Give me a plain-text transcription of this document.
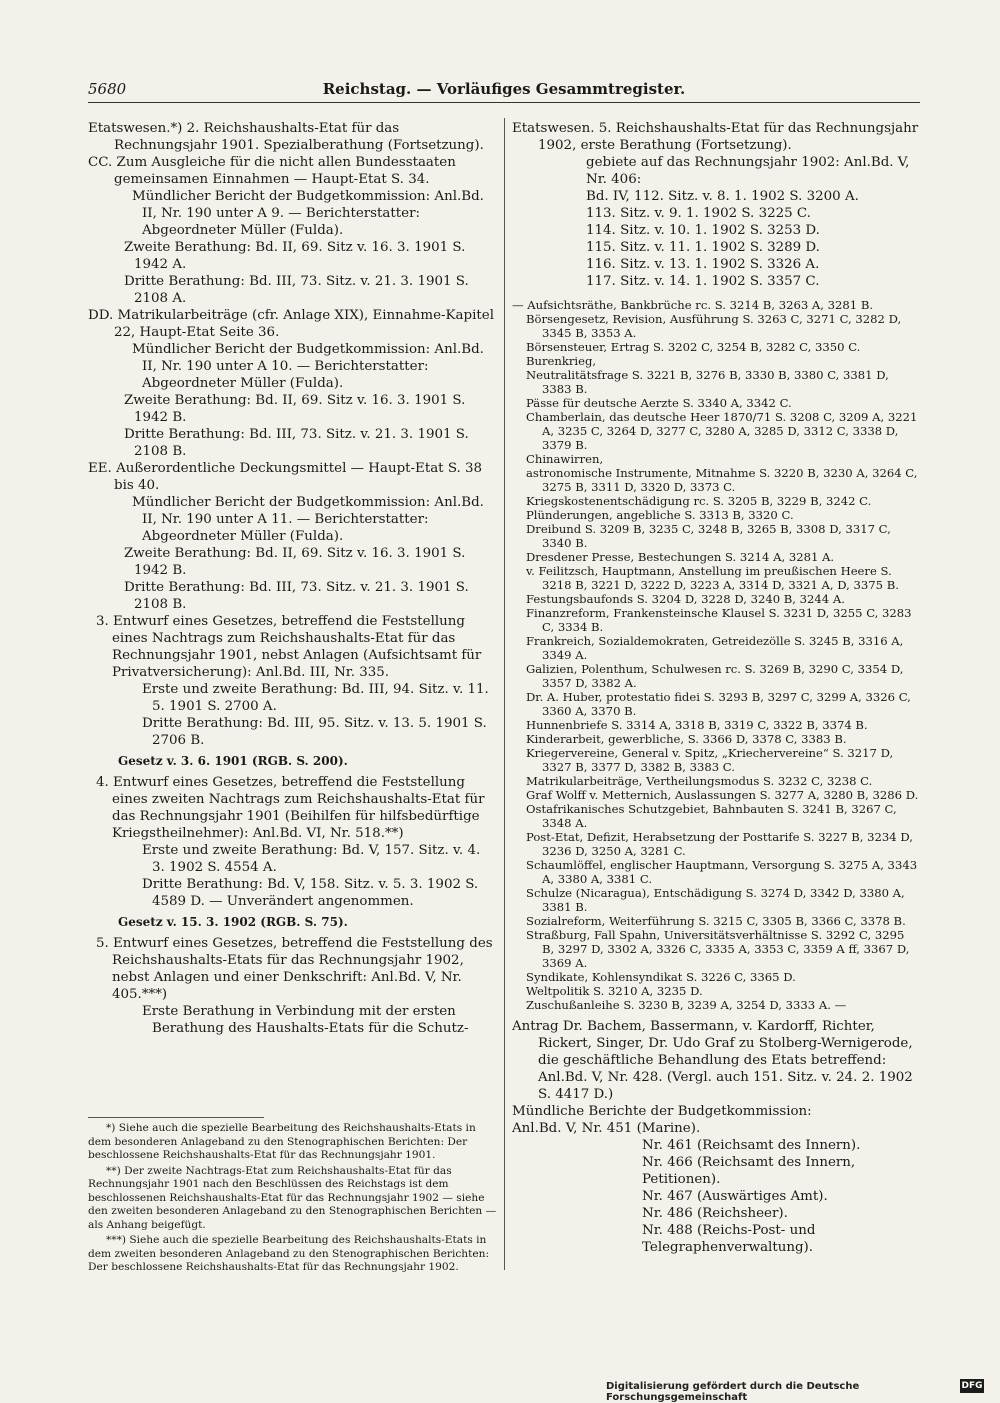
5680	Reichstag. — Vorläufiges Gesammtregister.

Etatswesen.*) 2. Reichshaushalts-Etat für das Rechnungsjahr 1901. Spezialberathung (Fortsetzung).

CC. Zum Ausgleiche für die nicht allen Bundesstaaten gemeinsamen Einnahmen — Haupt-Etat S. 34.

Mündlicher Bericht der Budgetkommission: Anl.Bd. II, Nr. 190 unter A 9. — Berichterstatter: Abgeordneter Müller (Fulda).

Zweite Berathung: Bd. II, 69. Sitz v. 16. 3. 1901 S. 1942 A.

Dritte Berathung: Bd. III, 73. Sitz. v. 21. 3. 1901 S. 2108 A.

DD. Matrikularbeiträge (cfr. Anlage XIX), Einnahme-Kapitel 22, Haupt-Etat Seite 36.

Mündlicher Bericht der Budgetkommission: Anl.Bd. II, Nr. 190 unter A 10. — Berichterstatter: Abgeordneter Müller (Fulda).

Zweite Berathung: Bd. II, 69. Sitz v. 16. 3. 1901 S. 1942 B.

Dritte Berathung: Bd. III, 73. Sitz. v. 21. 3. 1901 S. 2108 B.

EE. Außerordentliche Deckungsmittel — Haupt-Etat S. 38 bis 40.

Mündlicher Bericht der Budgetkommission: Anl.Bd. II, Nr. 190 unter A 11. — Berichterstatter: Abgeordneter Müller (Fulda).

Zweite Berathung: Bd. II, 69. Sitz v. 16. 3. 1901 S. 1942 B.

Dritte Berathung: Bd. III, 73. Sitz. v. 21. 3. 1901 S. 2108 B.

3. Entwurf eines Gesetzes, betreffend die Feststellung eines Nachtrags zum Reichshaushalts-Etat für das Rechnungsjahr 1901, nebst Anlagen (Aufsichtsamt für Privatversicherung): Anl.Bd. III, Nr. 335.

Erste und zweite Berathung: Bd. III, 94. Sitz. v. 11. 5. 1901 S. 2700 A.

Dritte Berathung: Bd. III, 95. Sitz. v. 13. 5. 1901 S. 2706 B.

Gesetz v. 3. 6. 1901 (RGB. S. 200).

4. Entwurf eines Gesetzes, betreffend die Feststellung eines zweiten Nachtrags zum Reichshaushalts-Etat für das Rechnungsjahr 1901 (Beihilfen für hilfsbedürftige Kriegstheilnehmer): Anl.Bd. VI, Nr. 518.**)

Erste und zweite Berathung: Bd. V, 157. Sitz. v. 4. 3. 1902 S. 4554 A.

Dritte Berathung: Bd. V, 158. Sitz. v. 5. 3. 1902 S. 4589 D. — Unverändert angenommen.

Gesetz v. 15. 3. 1902 (RGB. S. 75).

5. Entwurf eines Gesetzes, betreffend die Feststellung des Reichshaushalts-Etats für das Rechnungsjahr 1902, nebst Anlagen und einer Denkschrift: Anl.Bd. V, Nr. 405.***)

Erste Berathung in Verbindung mit der ersten Berathung des Haushalts-Etats für die Schutz-

*) Siehe auch die spezielle Bearbeitung des Reichshaushalts-Etats in dem besonderen Anlageband zu den Stenographischen Berichten: Der beschlossene Reichshaushalts-Etat für das Rechnungsjahr 1901.

**) Der zweite Nachtrags-Etat zum Reichshaushalts-Etat für das Rechnungsjahr 1901 nach den Beschlüssen des Reichstags ist dem beschlossenen Reichshaushalts-Etat für das Rechnungsjahr 1902 — siehe den zweiten besonderen Anlageband zu den Stenographischen Berichten — als Anhang beigefügt.

***) Siehe auch die spezielle Bearbeitung des Reichshaushalts-Etats in dem zweiten besonderen Anlageband zu den Stenographischen Berichten: Der beschlossene Reichshaushalts-Etat für das Rechnungsjahr 1902.

Etatswesen. 5. Reichshaushalts-Etat für das Rechnungsjahr 1902, erste Berathung (Fortsetzung).

gebiete auf das Rechnungsjahr 1902: Anl.Bd. V, Nr. 406:

Bd. IV, 112. Sitz. v. 8. 1. 1902 S. 3200 A.

113. Sitz. v. 9. 1. 1902 S. 3225 C.

114. Sitz. v. 10. 1. 1902 S. 3253 D.

115. Sitz. v. 11. 1. 1902 S. 3289 D.

116. Sitz. v. 13. 1. 1902 S. 3326 A.

117. Sitz. v. 14. 1. 1902 S. 3357 C.

— Aufsichtsräthe, Bankbrüche rc. S. 3214 B, 3263 A, 3281 B.

Börsengesetz, Revision, Ausführung S. 3263 C, 3271 C, 3282 D, 3345 B, 3353 A.

Börsensteuer, Ertrag S. 3202 C, 3254 B, 3282 C, 3350 C.

Burenkrieg,

Neutralitätsfrage S. 3221 B, 3276 B, 3330 B, 3380 C, 3381 D, 3383 B.

Pässe für deutsche Aerzte S. 3340 A, 3342 C.

Chamberlain, das deutsche Heer 1870/71 S. 3208 C, 3209 A, 3221 A, 3235 C, 3264 D, 3277 C, 3280 A, 3285 D, 3312 C, 3338 D, 3379 B.

Chinawirren,

astronomische Instrumente, Mitnahme S. 3220 B, 3230 A, 3264 C, 3275 B, 3311 D, 3320 D, 3373 C.

Kriegskostenentschädigung rc. S. 3205 B, 3229 B, 3242 C.

Plünderungen, angebliche S. 3313 B, 3320 C.

Dreibund S. 3209 B, 3235 C, 3248 B, 3265 B, 3308 D, 3317 C, 3340 B.

Dresdener Presse, Bestechungen S. 3214 A, 3281 A.

v. Feilitzsch, Hauptmann, Anstellung im preußischen Heere S. 3218 B, 3221 D, 3222 D, 3223 A, 3314 D, 3321 A, D, 3375 B.

Festungsbaufonds S. 3204 D, 3228 D, 3240 B, 3244 A.

Finanzreform, Frankensteinsche Klausel S. 3231 D, 3255 C, 3283 C, 3334 B.

Frankreich, Sozialdemokraten, Getreidezölle S. 3245 B, 3316 A, 3349 A.

Galizien, Polenthum, Schulwesen rc. S. 3269 B, 3290 C, 3354 D, 3357 D, 3382 A.

Dr. A. Huber, protestatio fidei S. 3293 B, 3297 C, 3299 A, 3326 C, 3360 A, 3370 B.

Hunnenbriefe S. 3314 A, 3318 B, 3319 C, 3322 B, 3374 B.

Kinderarbeit, gewerbliche, S. 3366 D, 3378 C, 3383 B.

Kriegervereine, General v. Spitz, „Kriechervereine“ S. 3217 D, 3327 B, 3377 D, 3382 B, 3383 C.

Matrikularbeiträge, Vertheilungsmodus S. 3232 C, 3238 C.

Graf Wolff v. Metternich, Auslassungen S. 3277 A, 3280 B, 3286 D.

Ostafrikanisches Schutzgebiet, Bahnbauten S. 3241 B, 3267 C, 3348 A.

Post-Etat, Defizit, Herabsetzung der Posttarife S. 3227 B, 3234 D, 3236 D, 3250 A, 3281 C.

Schaumlöffel, englischer Hauptmann, Versorgung S. 3275 A, 3343 A, 3380 A, 3381 C.

Schulze (Nicaragua), Entschädigung S. 3274 D, 3342 D, 3380 A, 3381 B.

Sozialreform, Weiterführung S. 3215 C, 3305 B, 3366 C, 3378 B.

Straßburg, Fall Spahn, Universitätsverhältnisse S. 3292 C, 3295 B, 3297 D, 3302 A, 3326 C, 3335 A, 3353 C, 3359 A ff, 3367 D, 3369 A.

Syndikate, Kohlensyndikat S. 3226 C, 3365 D.

Weltpolitik S. 3210 A, 3235 D.

Zuschußanleihe S. 3230 B, 3239 A, 3254 D, 3333 A. —

Antrag Dr. Bachem, Bassermann, v. Kardorff, Richter, Rickert, Singer, Dr. Udo Graf zu Stolberg-Wernigerode, die geschäftliche Behandlung des Etats betreffend: Anl.Bd. V, Nr. 428. (Vergl. auch 151. Sitz. v. 24. 2. 1902 S. 4417 D.)

Mündliche Berichte der Budgetkommission:

Anl.Bd. V, Nr. 451 (Marine).

Nr. 461 (Reichsamt des Innern).

Nr. 466 (Reichsamt des Innern, Petitionen).

Nr. 467 (Auswärtiges Amt).

Nr. 486 (Reichsheer).

Nr. 488 (Reichs-Post- und Telegraphenverwaltung).

Digitalisierung gefördert durch die Deutsche Forschungsgemeinschaft
DFG
